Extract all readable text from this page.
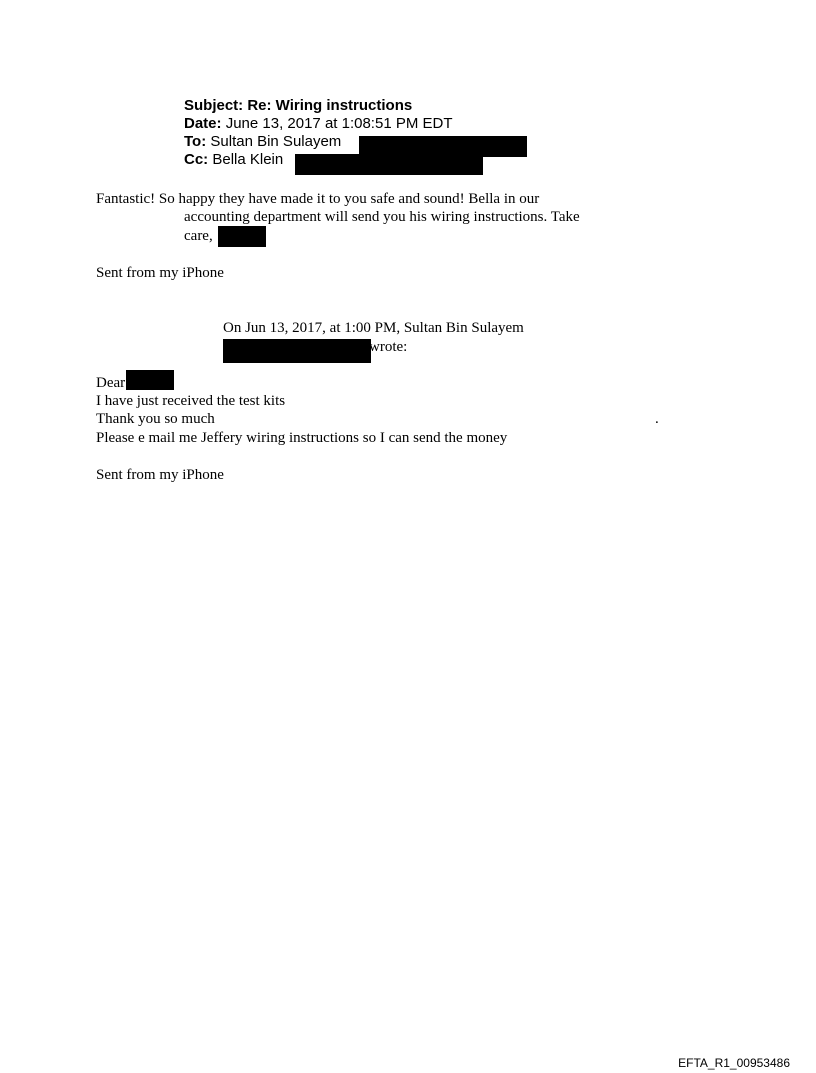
Subject: Re: Wiring instructions
Date: June 13, 2017 at 1:08:51 PM EDT
To: Sultan Bin Sulayem
Cc: Bella Klein
Fantastic! So happy they have made it to you safe and sound! Bella in our
accounting department will send you his wiring instructions. Take
care,
Sent from my iPhone
On Jun 13, 2017, at 1:00 PM, Sultan Bin Sulayem
wrote:
Dear
I have just received the test kits
Thank you so much	.
Please e mail me Jeffery wiring instructions so I can send the money
Sent from my iPhone
EFTA_R1_00953486
